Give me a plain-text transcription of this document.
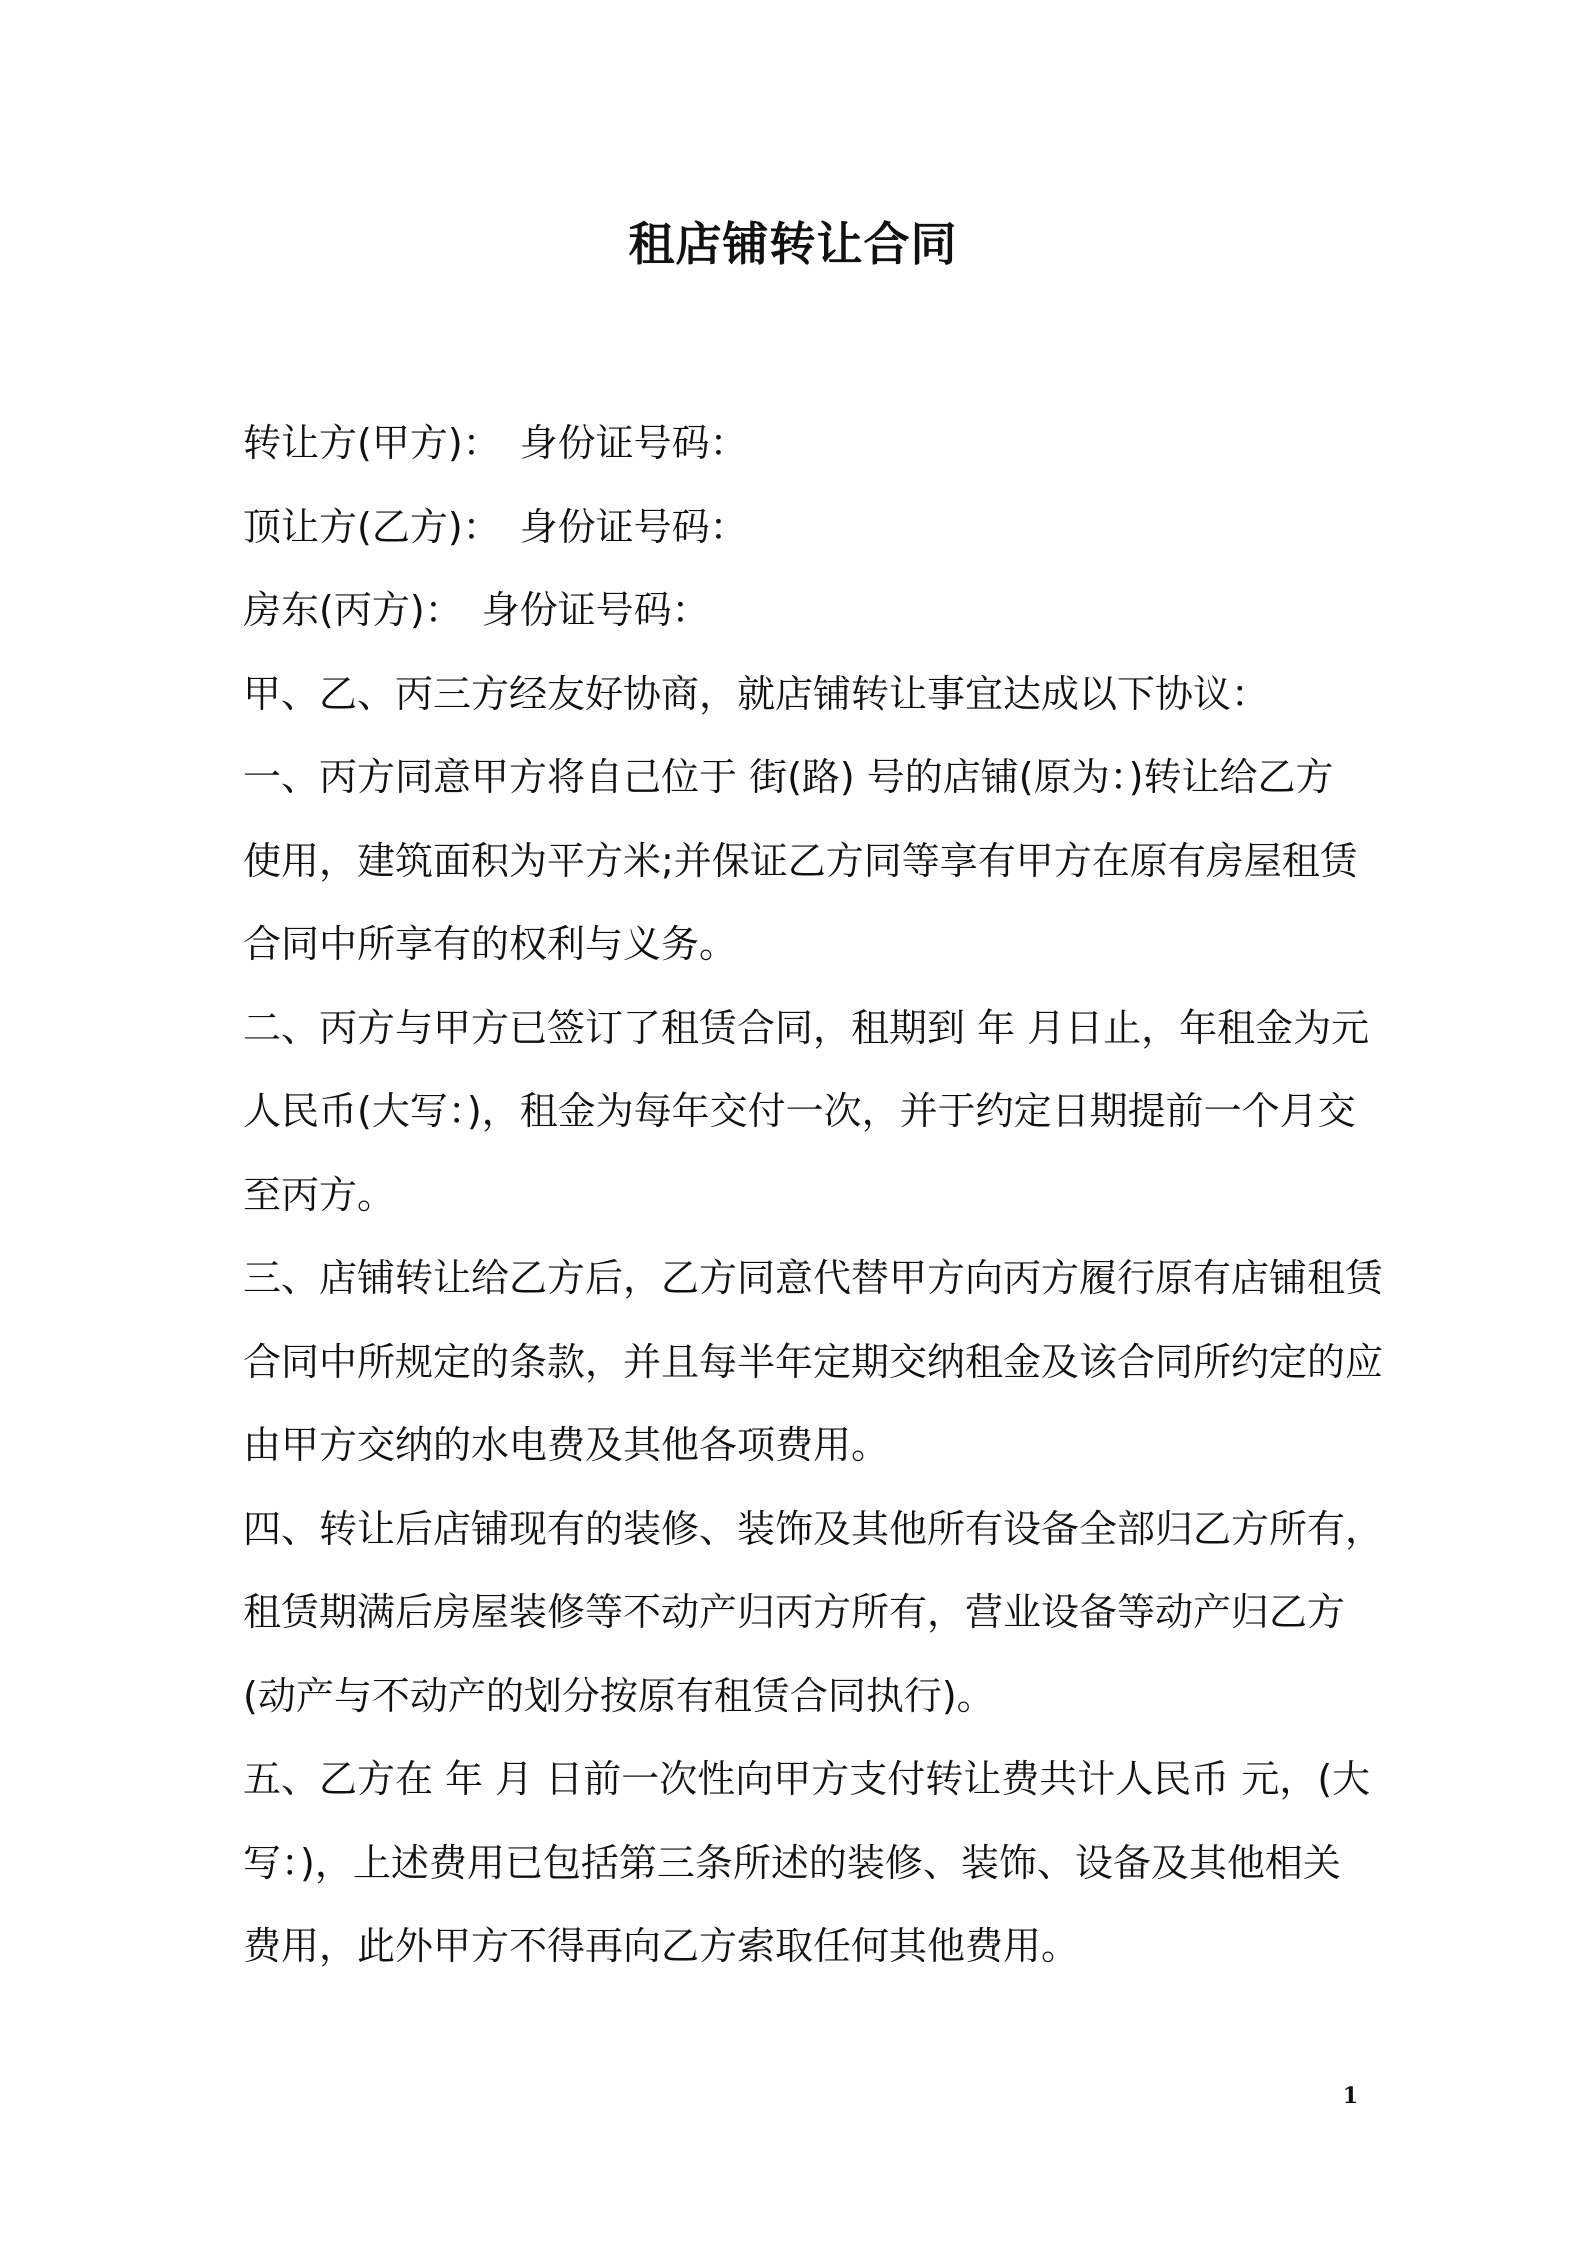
租店铺转让合同
转让方(甲方)：　身份证号码：
顶让方(乙方)：　身份证号码：
房东(丙方)：　身份证号码：
甲、乙、丙三方经友好协商，就店铺转让事宜达成以下协议：
一、丙方同意甲方将自己位于 街(路) 号的店铺(原为：)转让给乙方
使用，建筑面积为平方米;并保证乙方同等享有甲方在原有房屋租赁
合同中所享有的权利与义务。
二、丙方与甲方已签订了租赁合同，租期到 年 月日止，年租金为元
人民币(大写：)，租金为每年交付一次，并于约定日期提前一个月交
至丙方。
三、店铺转让给乙方后，乙方同意代替甲方向丙方履行原有店铺租赁
合同中所规定的条款，并且每半年定期交纳租金及该合同所约定的应
由甲方交纳的水电费及其他各项费用。
四、转让后店铺现有的装修、装饰及其他所有设备全部归乙方所有，
租赁期满后房屋装修等不动产归丙方所有，营业设备等动产归乙方
(动产与不动产的划分按原有租赁合同执行)。
五、乙方在 年 月 日前一次性向甲方支付转让费共计人民币 元，(大
写：)，上述费用已包括第三条所述的装修、装饰、设备及其他相关
费用，此外甲方不得再向乙方索取任何其他费用。
1
